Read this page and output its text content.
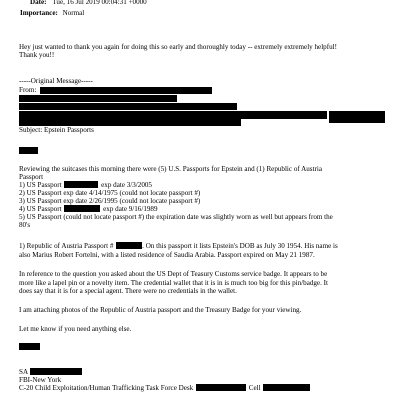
Date: Tue, 16 Jul 2019 00:04:31 +0000
Importance: Normal
Hey just wanted to thank you again for doing this so early and thoroughly today -- extremely extremely helpful!
Thank you!!
-----Original Message-----
From:
Subject: Epstein Passports
Reviewing the suitcases this morning there were (5) U.S. Passports for Epstein and (1) Republic of Austria
Passport
1) US Passport	exp date 3/3/2005
2) US Passport exp date 4/14/1975 (could not locate passport #)
3) US Passport exp date 2/26/1995 (could not locate passport #)
4) US Passport	exp date 9/16/1989
5) US Passport (could not locate passport #) the expiration date was slightly worn as well but appears from the
80's
1) Republic of Austria Passport #	. On this passport it lists Epstein's DOB as July 30 1954. His name is
also Marius Robert Fortelni, with a listed residence of Saudia Arabia. Passport expired on May 21 1987.
In reference to the question you asked about the US Dept of Teasury Customs service badge. It appears to be
more like a lapel pin or a novelty item. The credential wallet that it is in is much too big for this pin/badge. It
does say that it is for a special agent. There were no credentials in the wallet.
I am attaching photos of the Republic of Austria passport and the Treasury Badge for your viewing.
Let me know if you need anything else.
SA
FBI-New York
C-20 Child Exploitation/Human Trafficking Task Force Desk	Cell
